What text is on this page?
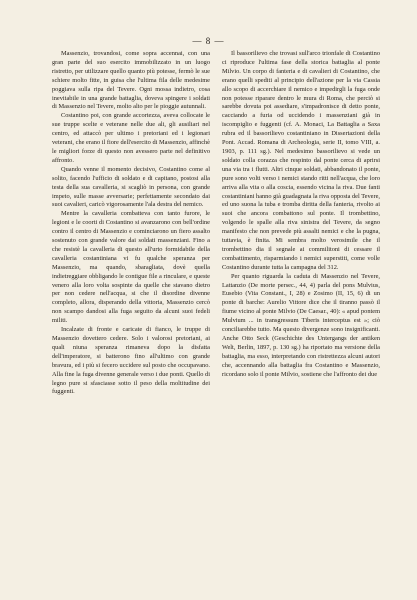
— 8 —

Massenzio, trovandosi, come sopra accennai, con una gran parte del suo esercito immobilizzato in un luogo ristretto, per utilizzare quello quanto più potesse, fermò le sue schiere molto fitte, in guisa che l'ultima fila delle medesime poggiava sulla ripa del Tevere. Ogni mossa indietro, cosa inevitabile in una grande battaglia, doveva spingere i soldati di Massenzio nel Tevere, molto alto per le pioggie autunnali.

Costantino poi, con grande accortezza, aveva collocate le sue truppe scelte e veterane nelle due ali, gli ausiliari nel centro, ed attaccò per ultimo i pretoriani ed i legionari veterani, che erano il fiore dell'esercito di Massenzio, affinchè le migliori forze di questo non avessero parte nel definitivo affronto.

Quando venne il momento decisivo, Costantino come al solito, facendo l'ufficio di soldato e di capitano, postosi alla testa della sua cavalleria, si scagliò in persona, con grande impeto, sulle masse avversarie; perfettamente secondato dai suoi cavalieri, caricò vigorosamente l'ala destra del nemico.

Mentre la cavalleria combatteva con tanto furore, le legioni e le coorti di Costantino si avanzarono con bell'ordine contro il centro di Massenzio e cominciarono un fiero assalto sostenuto con grande valore dai soldati massenziani. Fino a che resistè la cavalleria di questo all'urto formidabile della cavalleria costantiniana vi fu qualche speranza per Massenzio, ma quando, sbaragliata, dovè quella indietreggiare obbligando le contigue file a rinculare, e queste venero alla loro volta sospinte da quelle che stavano dietro per non cedere nell'acqua, si che il disordine divenne completo, allora, disperando della vittoria, Massenzio cercò non scampo dandosi alla fuga seguito da alcuni suoi fedeli militi.

Incalzate di fronte e caricate di fianco, le truppe di Massenzio dovettero cedere. Solo i valorosi pretoriani, ai quali niuna speranza rimaneva dopo la disfatta dell'imperatore, si batterono fino all'ultimo con grande bravura, ed i più si fecero uccidere sul posto che occupavano. Alla fine la fuga divenne generale verso i due ponti. Quello di legno pure si sfasciasse sotto il peso della moltitudine dei fuggenti.

Il bassorilievo che trovasi sull'arco trionfale di Costantino ci riproduce l'ultima fase della storica battaglia al ponte Milvio. Un corpo di fanteria e di cavalieri di Costantino, che erano quelli spediti al principio dell'azione per la via Cassia allo scopo di accerchiare il nemico e impedirgli la fuga onde non potesse riparare dentro le mura di Roma, che perciò si sarebbe dovuta poi assediare, s'impadronisce di detto ponte, cacciando a furia od uccidendo i massenziani già in iscompiglio e fuggenti (cf. A. Monaci, La Battaglia a Saxa rubra ed il bassorilievo costantiniano in Dissertazioni della Pont. Accad. Romana di Archeologia, serie II, tomo VIII, a. 1903, p. 111 sg.). Nel medesimo bassorilievo si vede un soldato colla corazza che respinto dal ponte cerca di aprirsi una via tra i flutti. Altri cinque soldati, abbandonato il ponte, pure sono volti verso i nemici stando ritti nell'acqua, che loro arriva alla vita o alla coscia, essendo vicina la riva. Due fanti costantiniani hanno già guadagnata la riva opposta del Tevere, ed uno suona la tuba e tromba diritta della fanteria, rivolto ai suoi che ancora combattono sul ponte. Il trombettino, volgendo le spalle alla riva sinistra del Tevere, da segno manifesto che non prevede più assalti nemici e che la pugna, tuttavia, è finita. Mi sembra molto verosimile che il trombettino dia il segnale ai commilitoni di cessare il combattimento, risparmiando i nemici superstiti, come volle Costantino durante tutta la campagna del 312.

Per quanto riguarda la caduta di Massenzio nel Tevere, Lattanzio (De morte persec., 44, 4) parla del pons Mulvius, Eusebio (Vita Constant., I, 28) e Zosimo (II, 15, 6) di un ponte di barche: Aurelio Vittore dice che il tiranno passò il fiume vicino al ponte Milvio (De Caesar., 40): « apud pontem Mulvium ... in transgressum Tiberis interceptus est »; ciò conciliarebbe tutto. Ma questo divergenze sono insignificanti. Anche Otto Seck (Geschichte des Untergangs der antiken Welt, Berlin, 1897, p. 130 sg.) ha riportato ma versione della battaglia, ma esso, interpretando con ristrettezza alcuni autori che, accennando alla battaglia fra Costantino e Massenzio, ricordano solo il ponte Milvio, sostiene che l'affronto dei due
